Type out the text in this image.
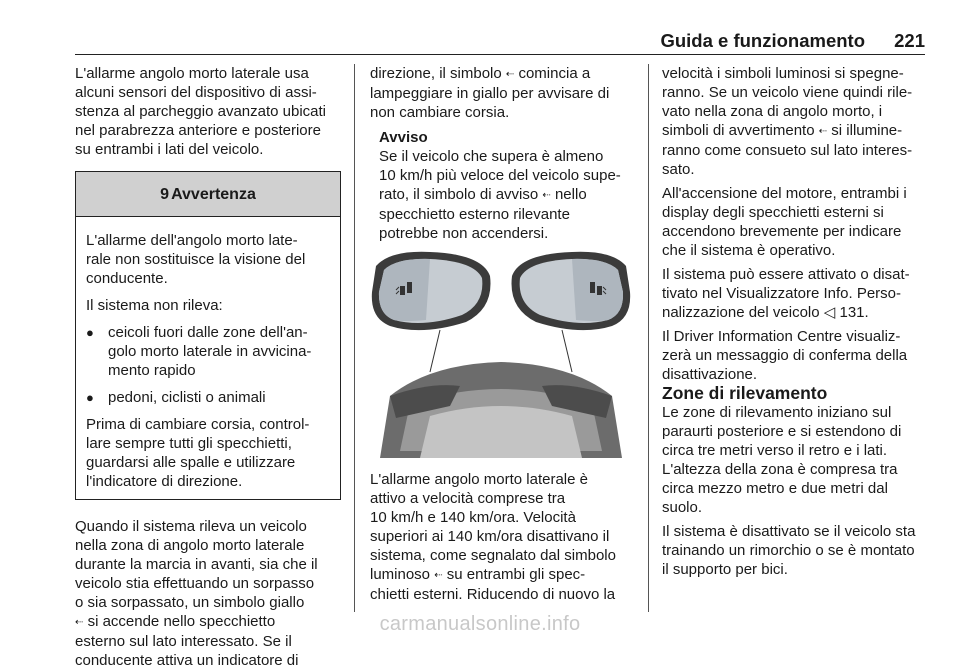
Guida e funzionamento 221

L'allarme angolo morto laterale usa
alcuni sensori del dispositivo di assi-
stenza al parcheggio avanzato ubicati
nel parabrezza anteriore e posteriore
su entrambi i lati del veicolo.

9 Avvertenza

L'allarme dell'angolo morto late-
rale non sostituisce la visione del
conducente.

Il sistema non rileva:

● ceicoli fuori dalle zone dell'an-
golo morto laterale in avvicina-
mento rapido
● pedoni, ciclisti o animali

Prima di cambiare corsia, control-
lare sempre tutti gli specchietti,
guardarsi alle spalle e utilizzare
l'indicatore di direzione.

Quando il sistema rileva un veicolo
nella zona di angolo morto laterale
durante la marcia in avanti, sia che il
veicolo stia effettuando un sorpasso
o sia sorpassato, un simbolo giallo
⇠ si accende nello specchietto
esterno sul lato interessato. Se il
conducente attiva un indicatore di

direzione, il simbolo ⇠ comincia a
lampeggiare in giallo per avvisare di
non cambiare corsia.

Avviso

Se il veicolo che supera è almeno
10 km/h più veloce del veicolo supe-
rato, il simbolo di avviso ⇠ nello
specchietto esterno rilevante
potrebbe non accendersi.

L'allarme angolo morto laterale è
attivo a velocità comprese tra
10 km/h e 140 km/ora. Velocità
superiori ai 140 km/ora disattivano il
sistema, come segnalato dal simbolo
luminoso ⇠ su entrambi gli spec-
chietti esterni. Riducendo di nuovo la

velocità i simboli luminosi si spegne-
ranno. Se un veicolo viene quindi rile-
vato nella zona di angolo morto, i
simboli di avvertimento ⇠ si illumine-
ranno come consueto sul lato interes-
sato.

All'accensione del motore, entrambi i
display degli specchietti esterni si
accendono brevemente per indicare
che il sistema è operativo.

Il sistema può essere attivato o disat-
tivato nel Visualizzatore Info. Perso-
nalizzazione del veicolo ◁ 131.

Il Driver Information Centre visualiz-
zerà un messaggio di conferma della
disattivazione.

Zone di rilevamento

Le zone di rilevamento iniziano sul
paraurti posteriore e si estendono di
circa tre metri verso il retro e i lati.
L'altezza della zona è compresa tra
circa mezzo metro e due metri dal
suolo.

Il sistema è disattivato se il veicolo sta
trainando un rimorchio o se è montato
il supporto per bici.

carmanualsonline.info
